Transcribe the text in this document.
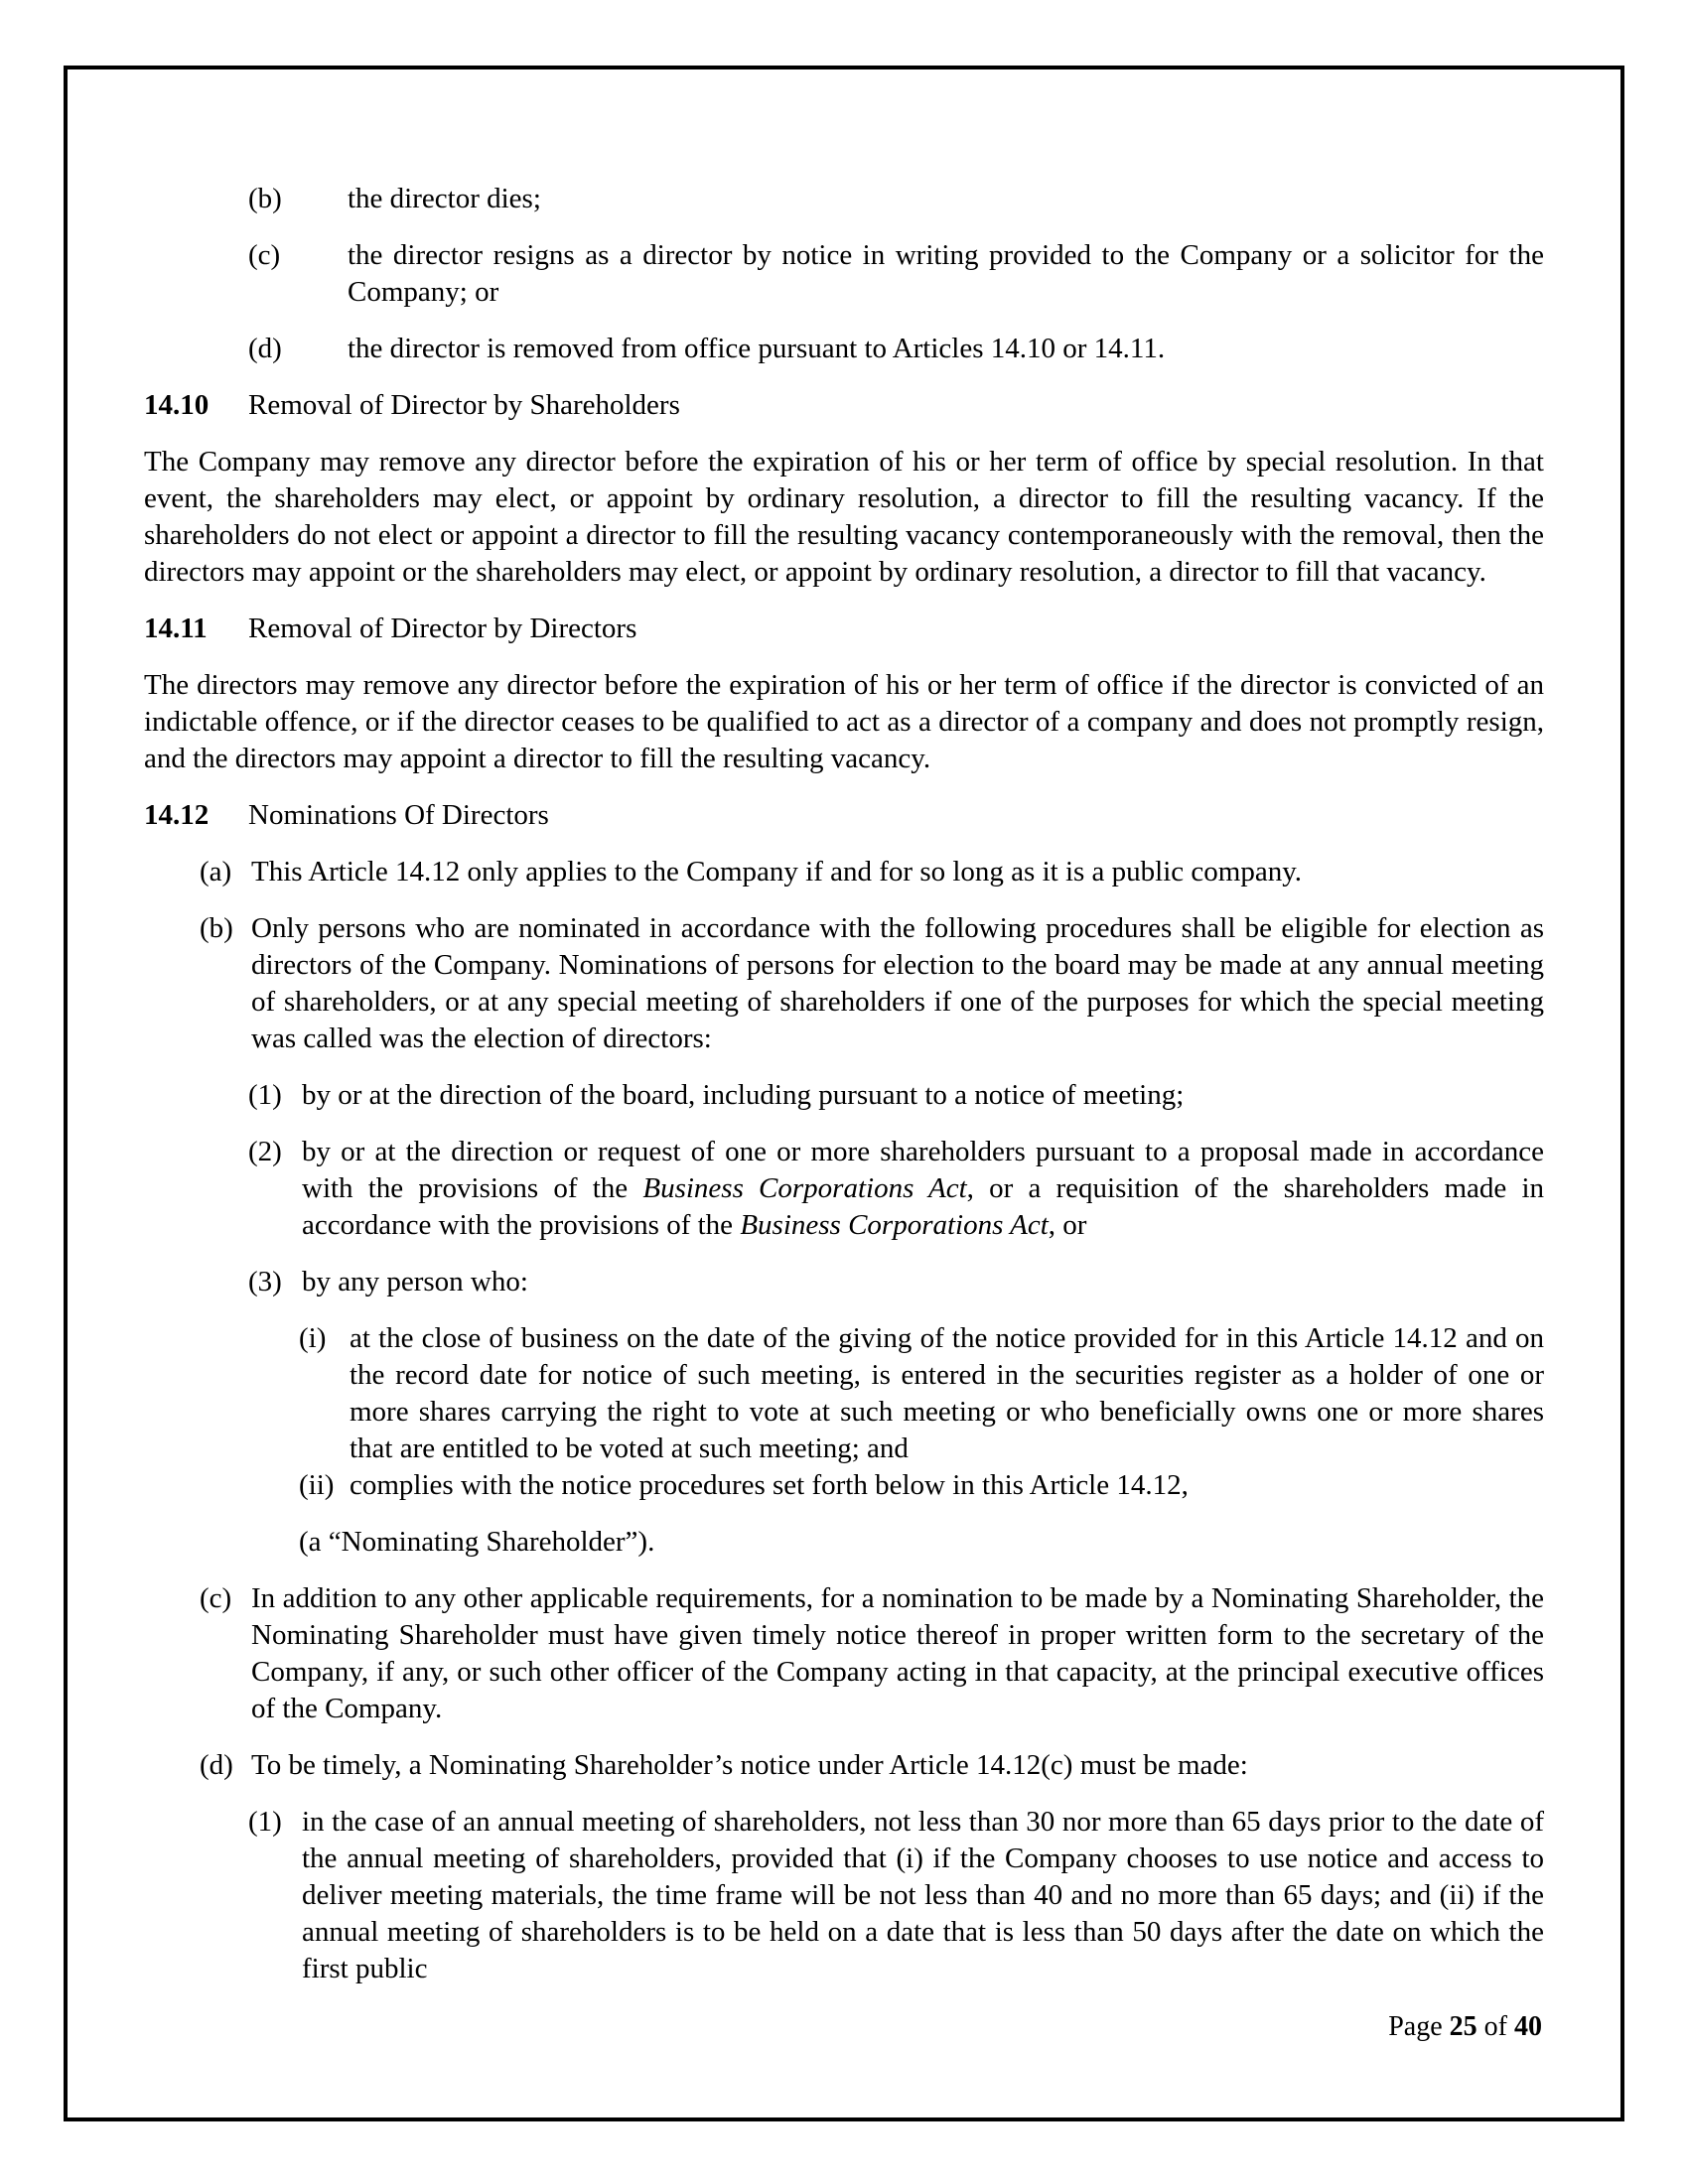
(b)	the director dies;
(c)	the director resigns as a director by notice in writing provided to the Company or a solicitor for the Company; or
(d)	the director is removed from office pursuant to Articles 14.10 or 14.11.
14.10	Removal of Director by Shareholders
The Company may remove any director before the expiration of his or her term of office by special resolution. In that event, the shareholders may elect, or appoint by ordinary resolution, a director to fill the resulting vacancy. If the shareholders do not elect or appoint a director to fill the resulting vacancy contemporaneously with the removal, then the directors may appoint or the shareholders may elect, or appoint by ordinary resolution, a director to fill that vacancy.
14.11	Removal of Director by Directors
The directors may remove any director before the expiration of his or her term of office if the director is convicted of an indictable offence, or if the director ceases to be qualified to act as a director of a company and does not promptly resign, and the directors may appoint a director to fill the resulting vacancy.
14.12	Nominations Of Directors
(a) This Article 14.12 only applies to the Company if and for so long as it is a public company.
(b) Only persons who are nominated in accordance with the following procedures shall be eligible for election as directors of the Company. Nominations of persons for election to the board may be made at any annual meeting of shareholders, or at any special meeting of shareholders if one of the purposes for which the special meeting was called was the election of directors:
(1) by or at the direction of the board, including pursuant to a notice of meeting;
(2) by or at the direction or request of one or more shareholders pursuant to a proposal made in accordance with the provisions of the Business Corporations Act, or a requisition of the shareholders made in accordance with the provisions of the Business Corporations Act, or
(3) by any person who:
(i) at the close of business on the date of the giving of the notice provided for in this Article 14.12 and on the record date for notice of such meeting, is entered in the securities register as a holder of one or more shares carrying the right to vote at such meeting or who beneficially owns one or more shares that are entitled to be voted at such meeting; and
(ii) complies with the notice procedures set forth below in this Article 14.12,
(a “Nominating Shareholder”).
(c) In addition to any other applicable requirements, for a nomination to be made by a Nominating Shareholder, the Nominating Shareholder must have given timely notice thereof in proper written form to the secretary of the Company, if any, or such other officer of the Company acting in that capacity, at the principal executive offices of the Company.
(d) To be timely, a Nominating Shareholder’s notice under Article 14.12(c) must be made:
(1) in the case of an annual meeting of shareholders, not less than 30 nor more than 65 days prior to the date of the annual meeting of shareholders, provided that (i) if the Company chooses to use notice and access to deliver meeting materials, the time frame will be not less than 40 and no more than 65 days; and (ii) if the annual meeting of shareholders is to be held on a date that is less than 50 days after the date on which the first public
Page 25 of 40
